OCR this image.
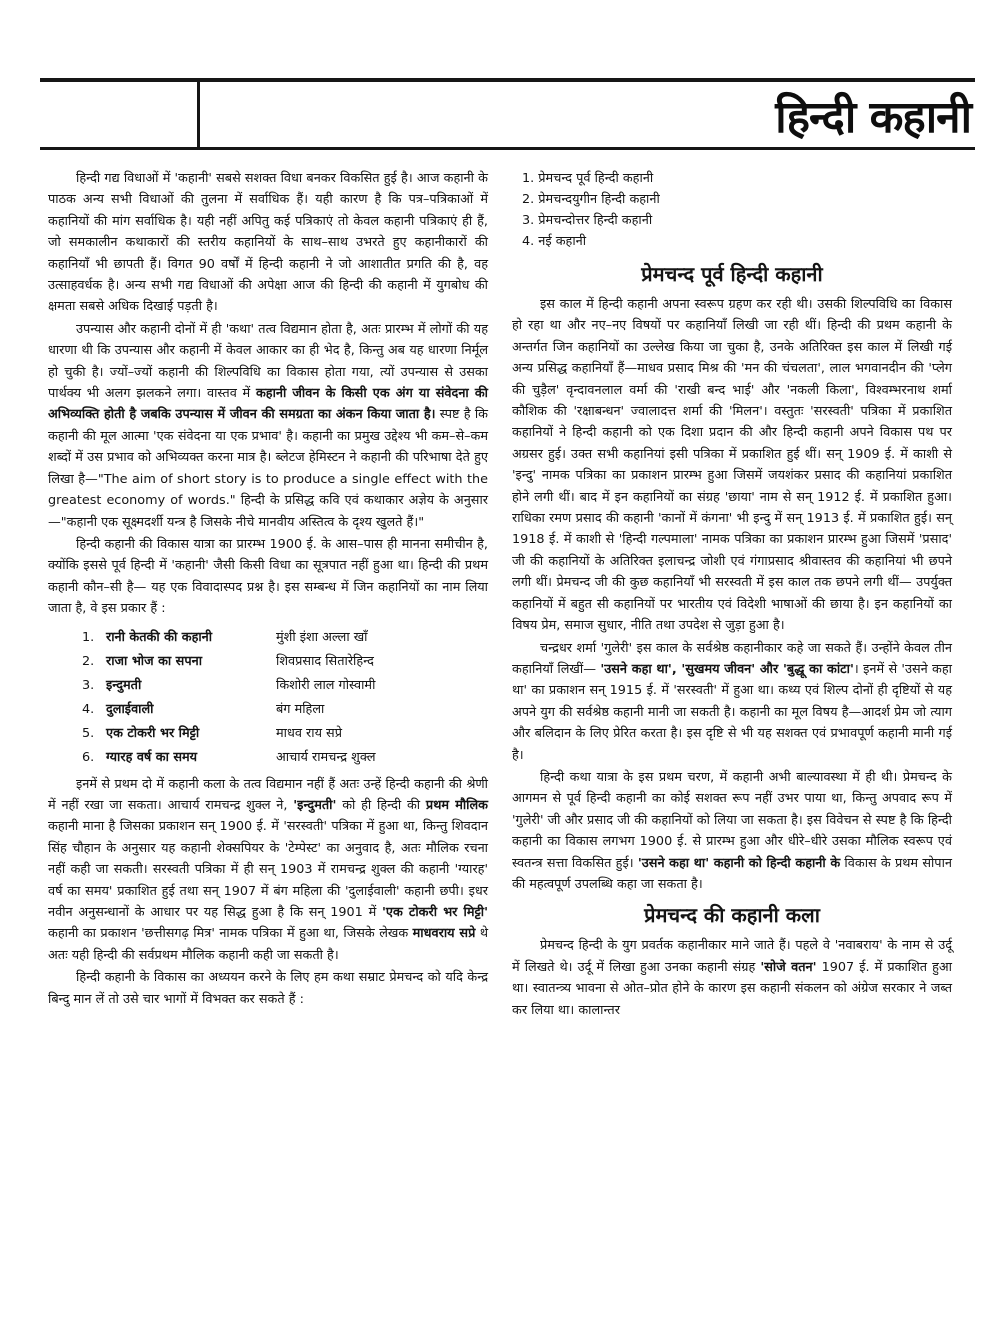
हिन्दी कहानी

हिन्दी गद्य विधाओं में 'कहानी' सबसे सशक्त विधा बनकर विकसित हुई है। आज कहानी के पाठक अन्य सभी विधाओं की तुलना में सर्वाधिक हैं। यही कारण है कि पत्र–पत्रिकाओं में कहानियों की मांग सर्वाधिक है। यही नहीं अपितु कई पत्रिकाएं तो केवल कहानी पत्रिकाएं ही हैं, जो समकालीन कथाकारों की स्तरीय कहानियों के साथ–साथ उभरते हुए कहानीकारों की कहानियाँ भी छापती हैं। विगत 90 वर्षों में हिन्दी कहानी ने जो आशातीत प्रगति की है, वह उत्साहवर्धक है। अन्य सभी गद्य विधाओं की अपेक्षा आज की हिन्दी की कहानी में युगबोध की क्षमता सबसे अधिक दिखाई पड़ती है।

उपन्यास और कहानी दोनों में ही 'कथा' तत्व विद्यमान होता है, अतः प्रारम्भ में लोगों की यह धारणा थी कि उपन्यास और कहानी में केवल आकार का ही भेद है, किन्तु अब यह धारणा निर्मूल हो चुकी है। ज्यों–ज्यों कहानी की शिल्पविधि का विकास होता गया, त्यों उपन्यास से उसका पार्थक्य भी अलग झलकने लगा। वास्तव में कहानी जीवन के किसी एक अंग या संवेदना की अभिव्यक्ति होती है जबकि उपन्यास में जीवन की समग्रता का अंकन किया जाता है। स्पष्ट है कि कहानी की मूल आत्मा 'एक संवेदना या एक प्रभाव' है। कहानी का प्रमुख उद्देश्य भी कम–से–कम शब्दों में उस प्रभाव को अभिव्यक्त करना मात्र है। ब्लेटज हेमिस्टन ने कहानी की परिभाषा देते हुए लिखा है—"The aim of short story is to produce a single effect with the greatest economy of words." हिन्दी के प्रसिद्ध कवि एवं कथाकार अज्ञेय के अनुसार—"कहानी एक सूक्ष्मदर्शी यन्त्र है जिसके नीचे मानवीय अस्तित्व के दृश्य खुलते हैं।"

हिन्दी कहानी की विकास यात्रा का प्रारम्भ 1900 ई. के आस–पास ही मानना समीचीन है, क्योंकि इससे पूर्व हिन्दी में 'कहानी' जैसी किसी विधा का सूत्रपात नहीं हुआ था। हिन्दी की प्रथम कहानी कौन–सी है— यह एक विवादास्पद प्रश्न है। इस सम्बन्ध में जिन कहानियों का नाम लिया जाता है, वे इस प्रकार हैं :

1.	रानी केतकी की कहानी	मुंशी इंशा अल्ला खाँ
2.	राजा भोज का सपना	शिवप्रसाद सितारेहिन्द
3.	इन्दुमती	किशोरी लाल गोस्वामी
4.	दुलाईवाली	बंग महिला
5.	एक टोकरी भर मिट्टी	माधव राय सप्रे
6.	ग्यारह वर्ष का समय	आचार्य रामचन्द्र शुक्ल

इनमें से प्रथम दो में कहानी कला के तत्व विद्यमान नहीं हैं अतः उन्हें हिन्दी कहानी की श्रेणी में नहीं रखा जा सकता। आचार्य रामचन्द्र शुक्ल ने, 'इन्दुमती' को ही हिन्दी की प्रथम मौलिक कहानी माना है जिसका प्रकाशन सन् 1900 ई. में 'सरस्वती' पत्रिका में हुआ था, किन्तु शिवदान सिंह चौहान के अनुसार यह कहानी शेक्सपियर के 'टेम्पेस्ट' का अनुवाद है, अतः मौलिक रचना नहीं कही जा सकती। सरस्वती पत्रिका में ही सन् 1903 में रामचन्द्र शुक्ल की कहानी 'ग्यारह' वर्ष का समय' प्रकाशित हुई तथा सन् 1907 में बंग महिला की 'दुलाईवाली' कहानी छपी। इधर नवीन अनुसन्धानों के आधार पर यह सिद्ध हुआ है कि सन् 1901 में 'एक टोकरी भर मिट्टी' कहानी का प्रकाशन 'छत्तीसगढ़ मित्र' नामक पत्रिका में हुआ था, जिसके लेखक माधवराय सप्रे थे अतः यही हिन्दी की सर्वप्रथम मौलिक कहानी कही जा सकती है।

हिन्दी कहानी के विकास का अध्ययन करने के लिए हम कथा सम्राट प्रेमचन्द को यदि केन्द्र बिन्दु मान लें तो उसे चार भागों में विभक्त कर सकते हैं :

1. प्रेमचन्द पूर्व हिन्दी कहानी
2. प्रेमचन्दयुगीन हिन्दी कहानी
3. प्रेमचन्दोत्तर हिन्दी कहानी
4. नई कहानी
प्रेमचन्द पूर्व हिन्दी कहानी

इस काल में हिन्दी कहानी अपना स्वरूप ग्रहण कर रही थी। उसकी शिल्पविधि का विकास हो रहा था और नए–नए विषयों पर कहानियाँ लिखी जा रही थीं। हिन्दी की प्रथम कहानी के अन्तर्गत जिन कहानियों का उल्लेख किया जा चुका है, उनके अतिरिक्त इस काल में लिखी गई अन्य प्रसिद्ध कहानियाँ हैं—माधव प्रसाद मिश्र की 'मन की चंचलता', लाल भगवानदीन की 'प्लेग की चुड़ैल' वृन्दावनलाल वर्मा की 'राखी बन्द भाई' और 'नकली किला', विश्वम्भरनाथ शर्मा कौशिक की 'रक्षाबन्धन' ज्वालादत्त शर्मा की 'मिलन'। वस्तुतः 'सरस्वती' पत्रिका में प्रकाशित कहानियों ने हिन्दी कहानी को एक दिशा प्रदान की और हिन्दी कहानी अपने विकास पथ पर अग्रसर हुई। उक्त सभी कहानियां इसी पत्रिका में प्रकाशित हुई थीं। सन् 1909 ई. में काशी से 'इन्दु' नामक पत्रिका का प्रकाशन प्रारम्भ हुआ जिसमें जयशंकर प्रसाद की कहानियां प्रकाशित होने लगी थीं। बाद में इन कहानियों का संग्रह 'छाया' नाम से सन् 1912 ई. में प्रकाशित हुआ। राधिका रमण प्रसाद की कहानी 'कानों में कंगना' भी इन्दु में सन् 1913 ई. में प्रकाशित हुई। सन् 1918 ई. में काशी से 'हिन्दी गल्पमाला' नामक पत्रिका का प्रकाशन प्रारम्भ हुआ जिसमें 'प्रसाद' जी की कहानियों के अतिरिक्त इलाचन्द्र जोशी एवं गंगाप्रसाद श्रीवास्तव की कहानियां भी छपने लगी थीं। प्रेमचन्द जी की कुछ कहानियाँ भी सरस्वती में इस काल तक छपने लगी थीं— उपर्युक्त कहानियों में बहुत सी कहानियों पर भारतीय एवं विदेशी भाषाओं की छाया है। इन कहानियों का विषय प्रेम, समाज सुधार, नीति तथा उपदेश से जुड़ा हुआ है।

चन्द्रधर शर्मा 'गुलेरी' इस काल के सर्वश्रेष्ठ कहानीकार कहे जा सकते हैं। उन्होंने केवल तीन कहानियाँ लिखीं— 'उसने कहा था', 'सुखमय जीवन' और 'बुद्धू का कांटा'। इनमें से 'उसने कहा था' का प्रकाशन सन् 1915 ई. में 'सरस्वती' में हुआ था। कथ्य एवं शिल्प दोनों ही दृष्टियों से यह अपने युग की सर्वश्रेष्ठ कहानी मानी जा सकती है। कहानी का मूल विषय है—आदर्श प्रेम जो त्याग और बलिदान के लिए प्रेरित करता है। इस दृष्टि से भी यह सशक्त एवं प्रभावपूर्ण कहानी मानी गई है।

हिन्दी कथा यात्रा के इस प्रथम चरण, में कहानी अभी बाल्यावस्था में ही थी। प्रेमचन्द के आगमन से पूर्व हिन्दी कहानी का कोई सशक्त रूप नहीं उभर पाया था, किन्तु अपवाद रूप में 'गुलेरी' जी और प्रसाद जी की कहानियों को लिया जा सकता है। इस विवेचन से स्पष्ट है कि हिन्दी कहानी का विकास लगभग 1900 ई. से प्रारम्भ हुआ और धीरे–धीरे उसका मौलिक स्वरूप एवं स्वतन्त्र सत्ता विकसित हुई। 'उसने कहा था' कहानी को हिन्दी कहानी के विकास के प्रथम सोपान की महत्वपूर्ण उपलब्धि कहा जा सकता है।

प्रेमचन्द की कहानी कला

प्रेमचन्द हिन्दी के युग प्रवर्तक कहानीकार माने जाते हैं। पहले वे 'नवाबराय' के नाम से उर्दू में लिखते थे। उर्दू में लिखा हुआ उनका कहानी संग्रह 'सोजे वतन' 1907 ई. में प्रकाशित हुआ था। स्वातन्त्र्य भावना से ओत–प्रोत होने के कारण इस कहानी संकलन को अंग्रेज सरकार ने जब्त कर लिया था। कालान्तर
